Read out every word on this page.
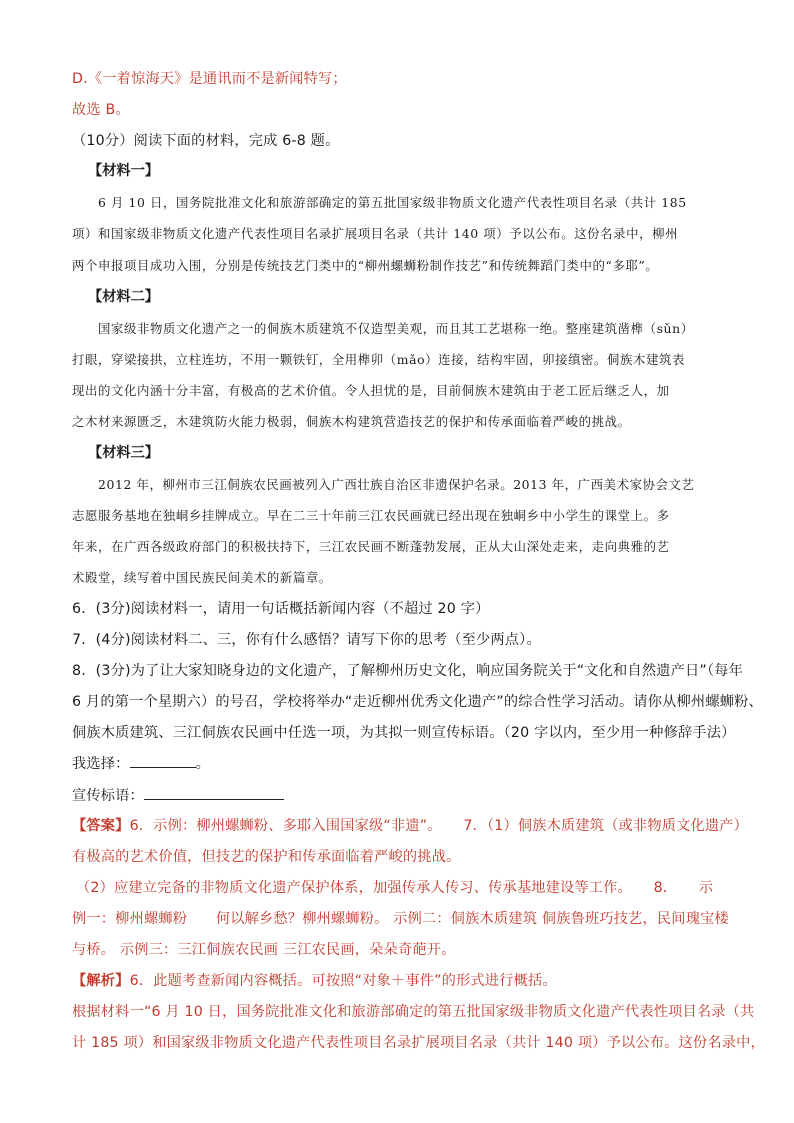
D.《一着惊海天》是通讯而不是新闻特写；
故选 B。
（10分）阅读下面的材料，完成 6-8 题。
【材料一】
6 月 10 日，国务院批准文化和旅游部确定的第五批国家级非物质文化遗产代表性项目名录（共计 185
项）和国家级非物质文化遗产代表性项目名录扩展项目名录（共计 140 项）予以公布。这份名录中，柳州
两个申报项目成功入围，分别是传统技艺门类中的“柳州螺蛳粉制作技艺”和传统舞蹈门类中的“多耶”。
【材料二】
国家级非物质文化遗产之一的侗族木质建筑不仅造型美观，而且其工艺堪称一绝。整座建筑凿榫（sǔn）
打眼，穿梁接拱，立柱连坊，不用一颗铁钉，全用榫卯（mǎo）连接，结构牢固，卯接缜密。侗族木建筑表
现出的文化内涵十分丰富，有极高的艺术价值。令人担忧的是，目前侗族木建筑由于老工匠后继乏人，加
之木材来源匮乏，木建筑防火能力极弱，侗族木构建筑营造技艺的保护和传承面临着严峻的挑战。
【材料三】
2012 年，柳州市三江侗族农民画被列入广西壮族自治区非遗保护名录。2013 年，广西美术家协会文艺
志愿服务基地在独峒乡挂牌成立。早在二三十年前三江农民画就已经出现在独峒乡中小学生的课堂上。多
年来，在广西各级政府部门的积极扶持下，三江农民画不断蓬勃发展，正从大山深处走来，走向典雅的艺
术殿堂，续写着中国民族民间美术的新篇章。
6．(3分)阅读材料一，请用一句话概括新闻内容（不超过 20 字）
7．(4分)阅读材料二、三，你有什么感悟？请写下你的思考（至少两点）。
8．(3分)为了让大家知晓身边的文化遗产，了解柳州历史文化，响应国务院关于“文化和自然遗产日”（每年
6 月的第一个星期六）的号召，学校将举办“走近柳州优秀文化遗产”的综合性学习活动。请你从柳州螺蛳粉、
侗族木质建筑、三江侗族农民画中任选一项，为其拟一则宣传标语。（20 字以内，至少用一种修辞手法）
我选择：	。
宣传标语：
【答案】6．示例：柳州螺蛳粉、多耶入围国家级“非遗”。　　7．（1）侗族木质建筑（或非物质文化遗产）
有极高的艺术价值，但技艺的保护和传承面临着严峻的挑战。
（2）应建立完备的非物质文化遗产保护体系，加强传承人传习、传承基地建设等工作。　　8．　　示
例一：柳州螺蛳粉　　何以解乡愁？柳州螺蛳粉。 示例二：侗族木质建筑 侗族鲁班巧技艺，民间瑰宝楼
与桥。 示例三：三江侗族农民画 三江农民画，朵朵奇葩开。
【解析】6．此题考查新闻内容概括。可按照“对象＋事件”的形式进行概括。
根据材料一“6 月 10 日，国务院批准文化和旅游部确定的第五批国家级非物质文化遗产代表性项目名录（共
计 185 项）和国家级非物质文化遗产代表性项目名录扩展项目名录（共计 140 项）予以公布。这份名录中，
